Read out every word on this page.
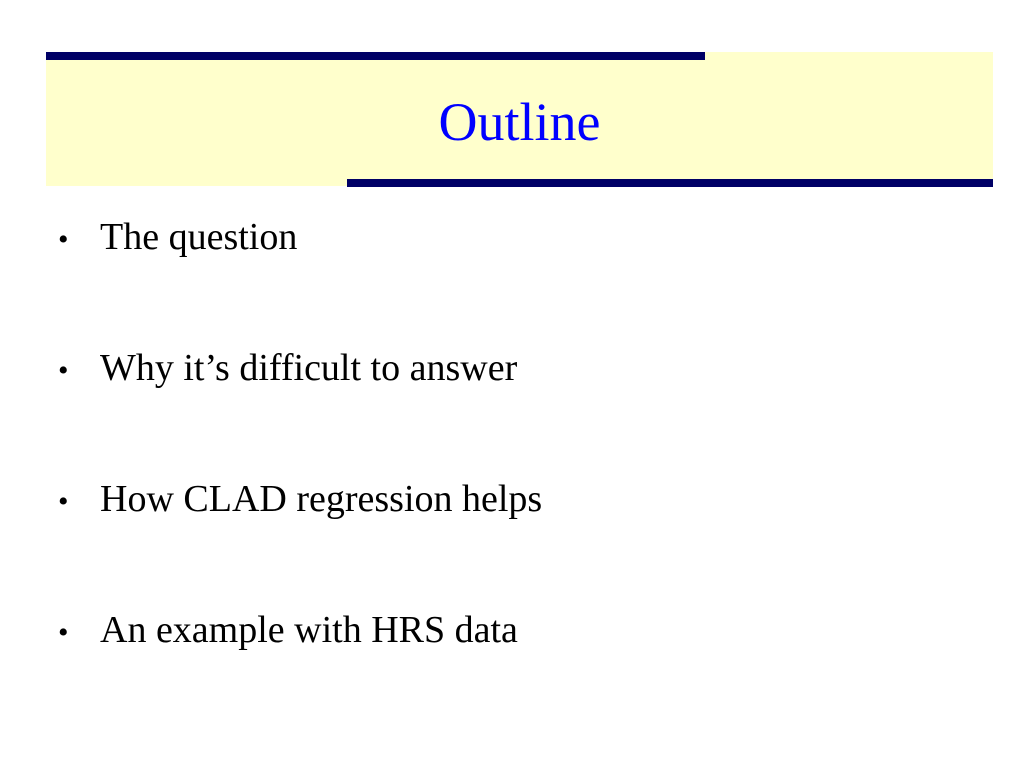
Outline
• The question
• Why it’s difficult to answer
• How CLAD regression helps
• An example with HRS data
